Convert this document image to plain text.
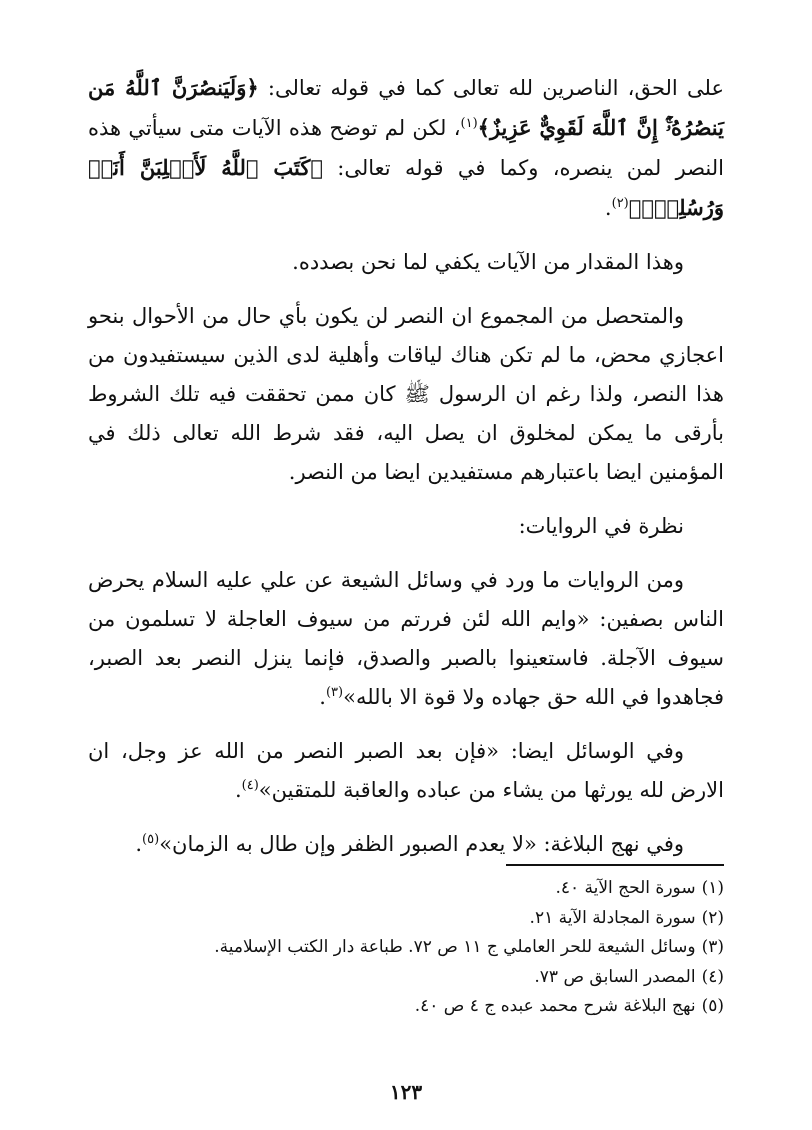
على الحق، الناصرين لله تعالى كما في قوله تعالى: ﴿وَلَيَنصُرَنَّ ٱللَّهُ مَن يَنصُرُهُۥٓۚ إِنَّ ٱللَّهَ لَقَوِيٌّ عَزِيزٌ﴾$^{(١)}$، لكن لم توضح هذه الآيات متى سيأتي هذه النصر لمن ينصره، وكما في قوله تعالى: ﴿كَتَبَ ٱللَّهُ لَأَغۡلِبَنَّ أَنَا۠ وَرُسُلِيٓۚ﴾$^{(٢)}$.

وهذا المقدار من الآيات يكفي لما نحن بصدده.

والمتحصل من المجموع ان النصر لن يكون بأي حال من الأحوال بنحو اعجازي محض، ما لم تكن هناك لياقات وأهلية لدى الذين سيستفيدون من هذا النصر، ولذا رغم ان الرسول ﷺ كان ممن تحققت فيه تلك الشروط بأرقى ما يمكن لمخلوق ان يصل اليه، فقد شرط الله تعالى ذلك في المؤمنين ايضا باعتبارهم مستفيدين ايضا من النصر.

نظرة في الروايات:

ومن الروايات ما ورد في وسائل الشيعة عن علي عليه السلام يحرض الناس بصفين: «وايم الله لئن فررتم من سيوف العاجلة لا تسلمون من سيوف الآجلة. فاستعينوا بالصبر والصدق، فإنما ينزل النصر بعد الصبر، فجاهدوا في الله حق جهاده ولا قوة الا بالله»$^{(٣)}$.

وفي الوسائل ايضا: «فإن بعد الصبر النصر من الله عز وجل، ان الارض لله يورثها من يشاء من عباده والعاقبة للمتقين»$^{(٤)}$.

وفي نهج البلاغة: «لا يعدم الصبور الظفر وإن طال به الزمان»$^{(٥)}$.

(١)سورة الحج الآية ٤٠.
(٢)سورة المجادلة الآية ٢١.
(٣)وسائل الشيعة للحر العاملي ج ١١ ص ٧٢. طباعة دار الكتب الإسلامية.
(٤)المصدر السابق ص ٧٣.
(٥)نهج البلاغة شرح محمد عبده ج ٤ ص ٤٠.
١٢٣
